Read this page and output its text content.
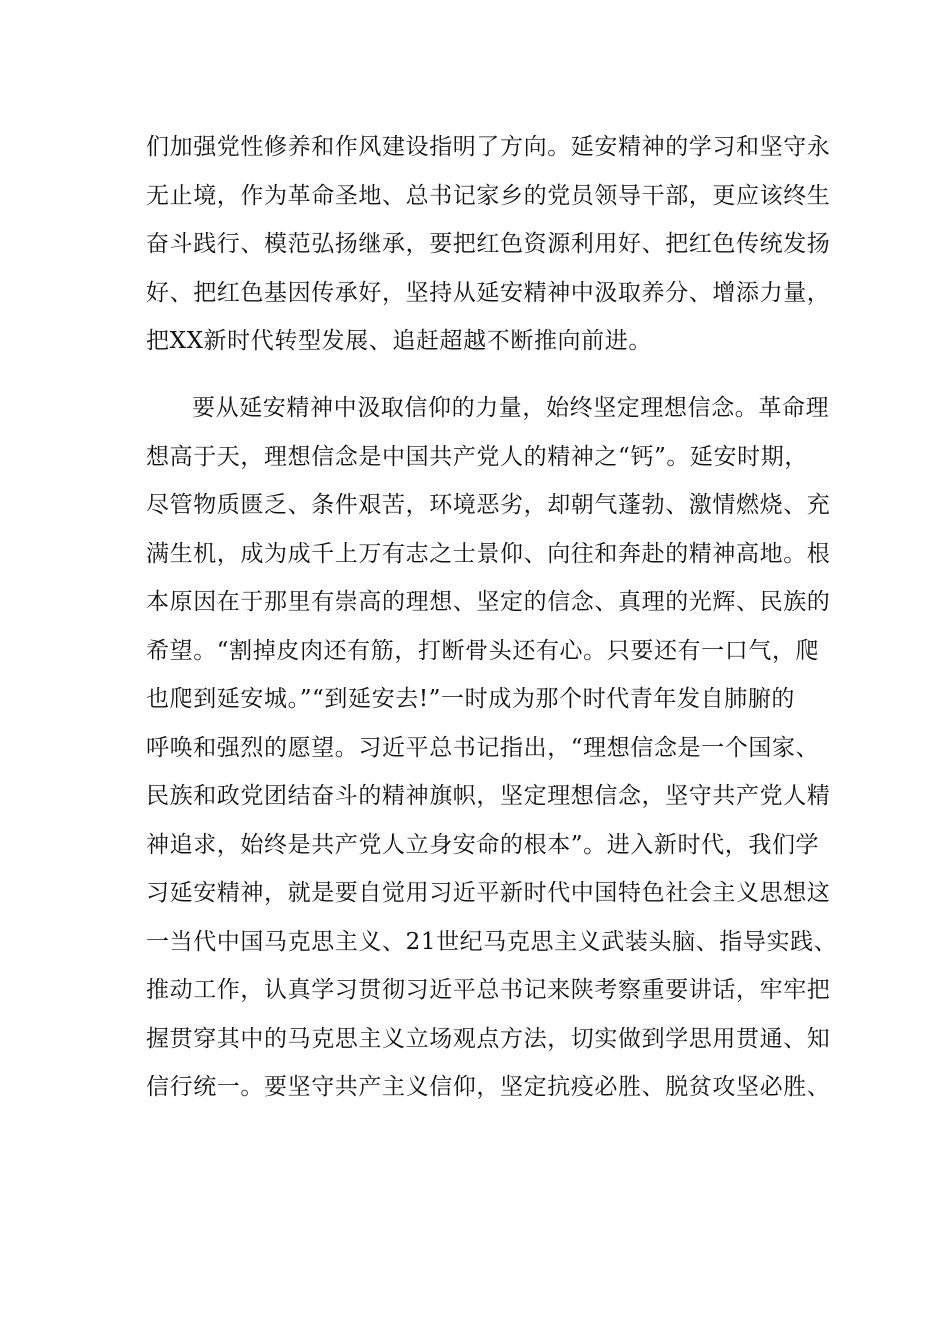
们加强党性修养和作风建设指明了方向。延安精神的学习和坚守永
无止境，作为革命圣地、总书记家乡的党员领导干部，更应该终生
奋斗践行、模范弘扬继承，要把红色资源利用好、把红色传统发扬
好、把红色基因传承好，坚持从延安精神中汲取养分、增添力量，
把XX新时代转型发展、追赶超越不断推向前进。
要从延安精神中汲取信仰的力量，始终坚定理想信念。革命理
想高于天，理想信念是中国共产党人的精神之“钙”。延安时期，
尽管物质匮乏、条件艰苦，环境恶劣，却朝气蓬勃、激情燃烧、充
满生机，成为成千上万有志之士景仰、向往和奔赴的精神高地。根
本原因在于那里有崇高的理想、坚定的信念、真理的光辉、民族的
希望。“割掉皮肉还有筋，打断骨头还有心。只要还有一口气，爬
也爬到延安城。”“到延安去!”一时成为那个时代青年发自肺腑的
呼唤和强烈的愿望。习近平总书记指出，“理想信念是一个国家、
民族和政党团结奋斗的精神旗帜，坚定理想信念，坚守共产党人精
神追求，始终是共产党人立身安命的根本”。进入新时代，我们学
习延安精神，就是要自觉用习近平新时代中国特色社会主义思想这
一当代中国马克思主义、21世纪马克思主义武装头脑、指导实践、
推动工作，认真学习贯彻习近平总书记来陕考察重要讲话，牢牢把
握贯穿其中的马克思主义立场观点方法，切实做到学思用贯通、知
信行统一。要坚守共产主义信仰，坚定抗疫必胜、脱贫攻坚必胜、
